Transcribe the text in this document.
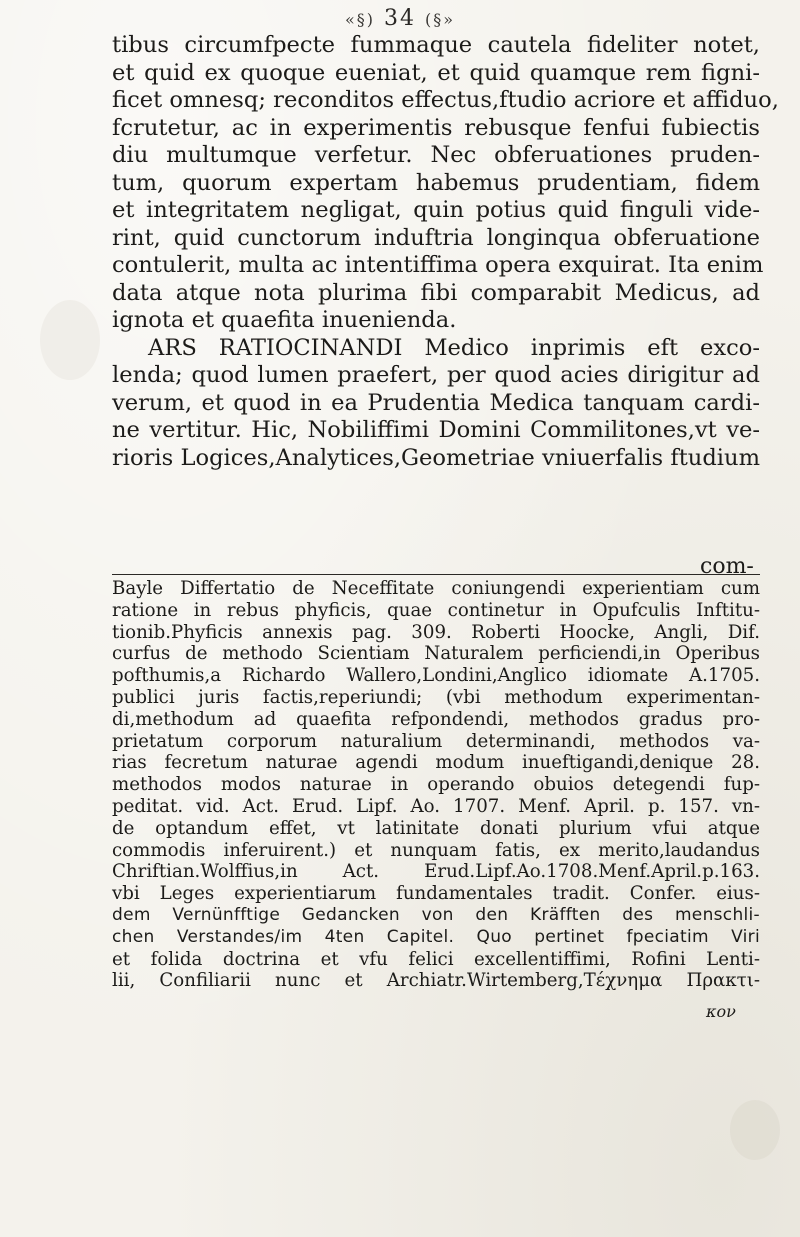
«§) 34 (§»
tibus circumfpecte fummaque cautela fideliter notet,
et quid ex quoque eueniat, et quid quamque rem figni-
ficet omnesq; reconditos effectus,ftudio acriore et affiduo,
fcrutetur, ac in experimentis rebusque fenfui fubiectis
diu multumque verfetur. Nec obferuationes pruden-
tum, quorum expertam habemus prudentiam, fidem
et integritatem negligat, quin potius quid finguli vide-
rint, quid cunctorum induftria longinqua obferuatione
contulerit, multa ac intentiffima opera exquirat. Ita enim
data atque nota plurima fibi comparabit Medicus, ad
ignota et quaefita inuenienda.
ARS RATIOCINANDI Medico inprimis eft exco-
lenda; quod lumen praefert, per quod acies dirigitur ad
verum, et quod in ea Prudentia Medica tanquam cardi-
ne vertitur. Hic, Nobiliffimi Domini Commilitones,vt ve-
rioris Logices,Analytices,Geometriae vniuerfalis ftudium
com-
Bayle Differtatio de Neceffitate coniungendi experientiam cum
ratione in rebus phyficis, quae continetur in Opufculis Inftitu-
tionib.Phyficis annexis pag. 309. Roberti Hoocke, Angli, Dif.
curfus de methodo Scientiam Naturalem perficiendi,in Operibus
pofthumis,a Richardo Wallero,Londini,Anglico idiomate A.1705.
publici juris factis,reperiundi; (vbi methodum experimentan-
di,methodum ad quaefita refpondendi, methodos gradus pro-
prietatum corporum naturalium determinandi, methodos va-
rias fecretum naturae agendi modum inueftigandi,denique 28.
methodos modos naturae in operando obuios detegendi fup-
peditat. vid. Act. Erud. Lipf. Ao. 1707. Menf. April. p. 157. vn-
de optandum effet, vt latinitate donati plurium vfui atque
commodis inferuirent.) et nunquam fatis, ex merito,laudandus
Chriftian.Wolffius,in Act. Erud.Lipf.Ao.1708.Menf.April.p.163.
vbi Leges experientiarum fundamentales tradit. Confer. eius-
dem Vernünfftige Gedancken von den Kräfften des menschli-
chen Verstandes/im 4ten Capitel. Quo pertinet fpeciatim Viri
et folida doctrina et vfu felici excellentiffimi, Rofini Lenti-
lii, Confiliarii nunc et Archiatr.Wirtemberg,Τέχνημα Πρακτι-
κον
